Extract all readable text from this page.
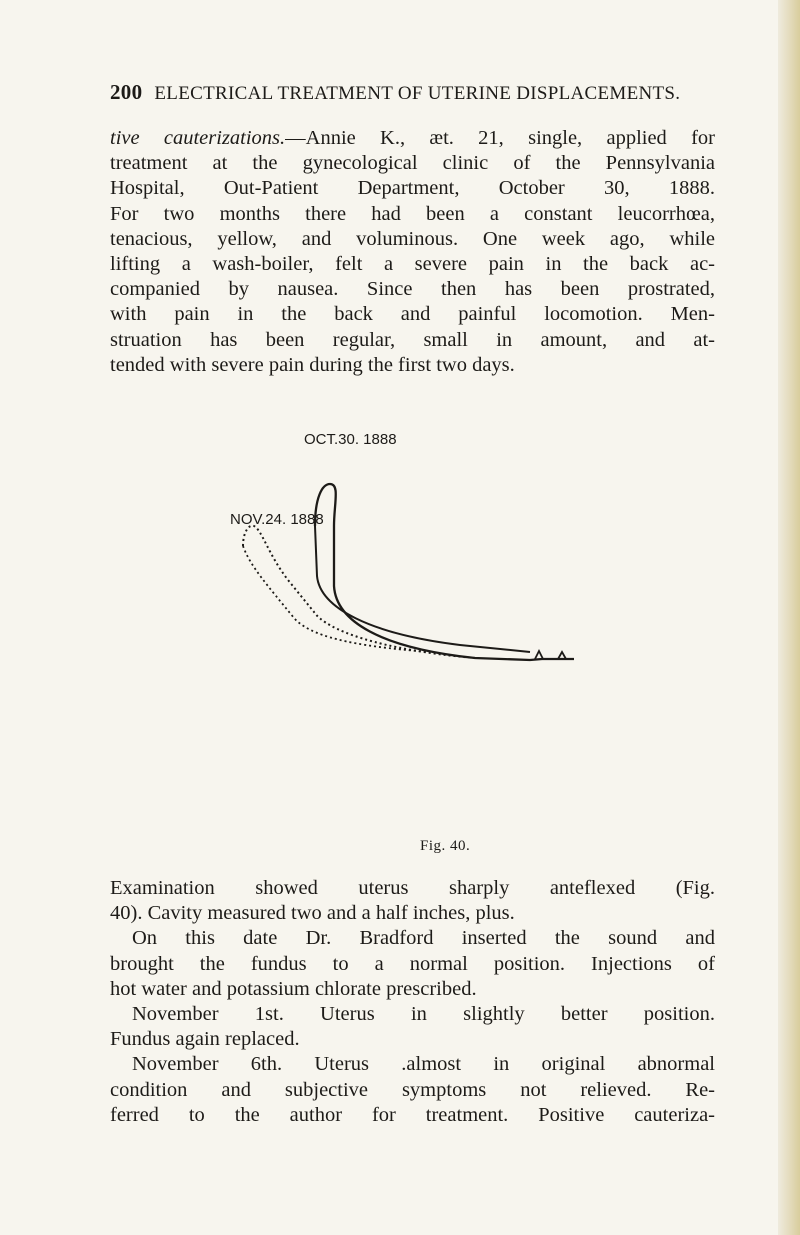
200 ELECTRICAL TREATMENT OF UTERINE DISPLACEMENTS.
tive cauterizations.—Annie K., æt. 21, single, applied for
treatment at the gynecological clinic of the Pennsylvania
Hospital, Out-Patient Department, October 30, 1888.
For two months there had been a constant leucorrhœa,
tenacious, yellow, and voluminous. One week ago, while
lifting a wash-boiler, felt a severe pain in the back ac-
companied by nausea. Since then has been prostrated,
with pain in the back and painful locomotion. Men-
struation has been regular, small in amount, and at-
tended with severe pain during the first two days.
OCT.30. 1888
NOV.24. 1888
Fig. 40.
Examination showed uterus sharply anteflexed (Fig.
40). Cavity measured two and a half inches, plus.
On this date Dr. Bradford inserted the sound and
brought the fundus to a normal position. Injections of
hot water and potassium chlorate prescribed.
November 1st. Uterus in slightly better position.
Fundus again replaced.
November 6th. Uterus .almost in original abnormal
condition and subjective symptoms not relieved. Re-
ferred to the author for treatment. Positive cauteriza-
